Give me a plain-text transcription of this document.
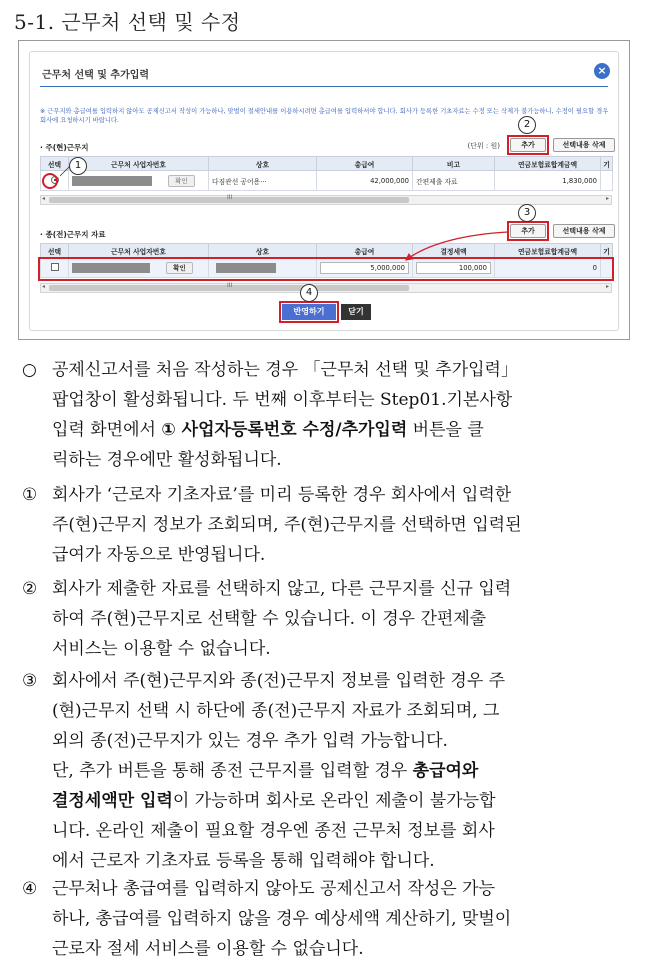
5-1. 근무처 선택 및 수정
근무처 선택 및 추가입력	×
※ 근무지와 총급여를 입력하지 않아도 공제신고서 작성이 가능하나, 맞벌이 절세안내를 이용하시려면 총급여를 입력하셔야 합니다. 회사가 등록한 기초자료는 수정 또는 삭제가 불가능하니, 수정이 필요할 경우 회사에 요청하시기 바랍니다.
· 주(현)근무지	(단위 : 원)	추가	선택내용 삭제
선택	근무처 사업자번호	상호	총급여	비고	연금보험료합계금액	기
	확인	다짐관선 공어용···	42,000,000	간편제출 자료	1,830,000	
◂	III	▸
· 종(전)근무지 자료	추가	선택내용 삭제
선택	근무처 사업자번호	상호	총급여	결정세액	연금보험료합계금액	기
	확인		5,000,000	100,000	0	
◂	III	▸
반영하기	닫기
1
2
3
4
○ 공제신고서를 처음 작성하는 경우 「근무처 선택 및 추가입력」
팝업창이 활성화됩니다. 두 번째 이후부터는 Step01.기본사항
입력 화면에서 ① 사업자등록번호 수정/추가입력 버튼을 클
릭하는 경우에만 활성화됩니다.
① 회사가 ‘근로자 기초자료’를 미리 등록한 경우 회사에서 입력한
주(현)근무지 정보가 조회되며, 주(현)근무지를 선택하면 입력된
급여가 자동으로 반영됩니다.
② 회사가 제출한 자료를 선택하지 않고, 다른 근무지를 신규 입력
하여 주(현)근무지로 선택할 수 있습니다. 이 경우 간편제출
서비스는 이용할 수 없습니다.
③ 회사에서 주(현)근무지와 종(전)근무지 정보를 입력한 경우 주
(현)근무지 선택 시 하단에 종(전)근무지 자료가 조회되며, 그
외의 종(전)근무지가 있는 경우 추가 입력 가능합니다.
단, 추가 버튼을 통해 종전 근무지를 입력할 경우 총급여와
결정세액만 입력이 가능하며 회사로 온라인 제출이 불가능합
니다. 온라인 제출이 필요할 경우엔 종전 근무처 정보를 회사
에서 근로자 기초자료 등록을 통해 입력해야 합니다.
④ 근무처나 총급여를 입력하지 않아도 공제신고서 작성은 가능
하나, 총급여를 입력하지 않을 경우 예상세액 계산하기, 맞벌이
근로자 절세 서비스를 이용할 수 없습니다.
